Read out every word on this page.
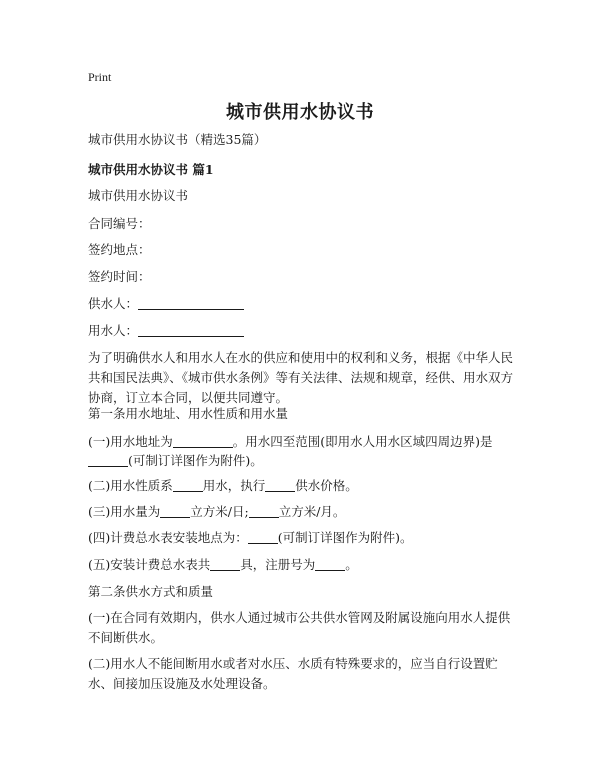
Print
城市供用水协议书
城市供用水协议书（精选35篇）
城市供用水协议书 篇1
城市供用水协议书
合同编号：
签约地点：
签约时间：
供水人：
用水人：
为了明确供水人和用水人在水的供应和使用中的权利和义务，根据《中华人民共和国民法典》、《城市供水条例》等有关法律、法规和规章，经供、用水双方协商，订立本合同，以便共同遵守。
第一条用水地址、用水性质和用水量
(一)用水地址为	。用水四至范围(即用水人用水区域四周边界)是
(可制订详图作为附件)。
(二)用水性质系 用水，执行 供水价格。
(三)用水量为 立方米/日; 立方米/月。
(四)计费总水表安装地点为： (可制订详图作为附件)。
(五)安装计费总水表共 具，注册号为 。
第二条供水方式和质量
(一)在合同有效期内，供水人通过城市公共供水管网及附属设施向用水人提供不间断供水。
(二)用水人不能间断用水或者对水压、水质有特殊要求的，应当自行设置贮水、间接加压设施及水处理设备。
